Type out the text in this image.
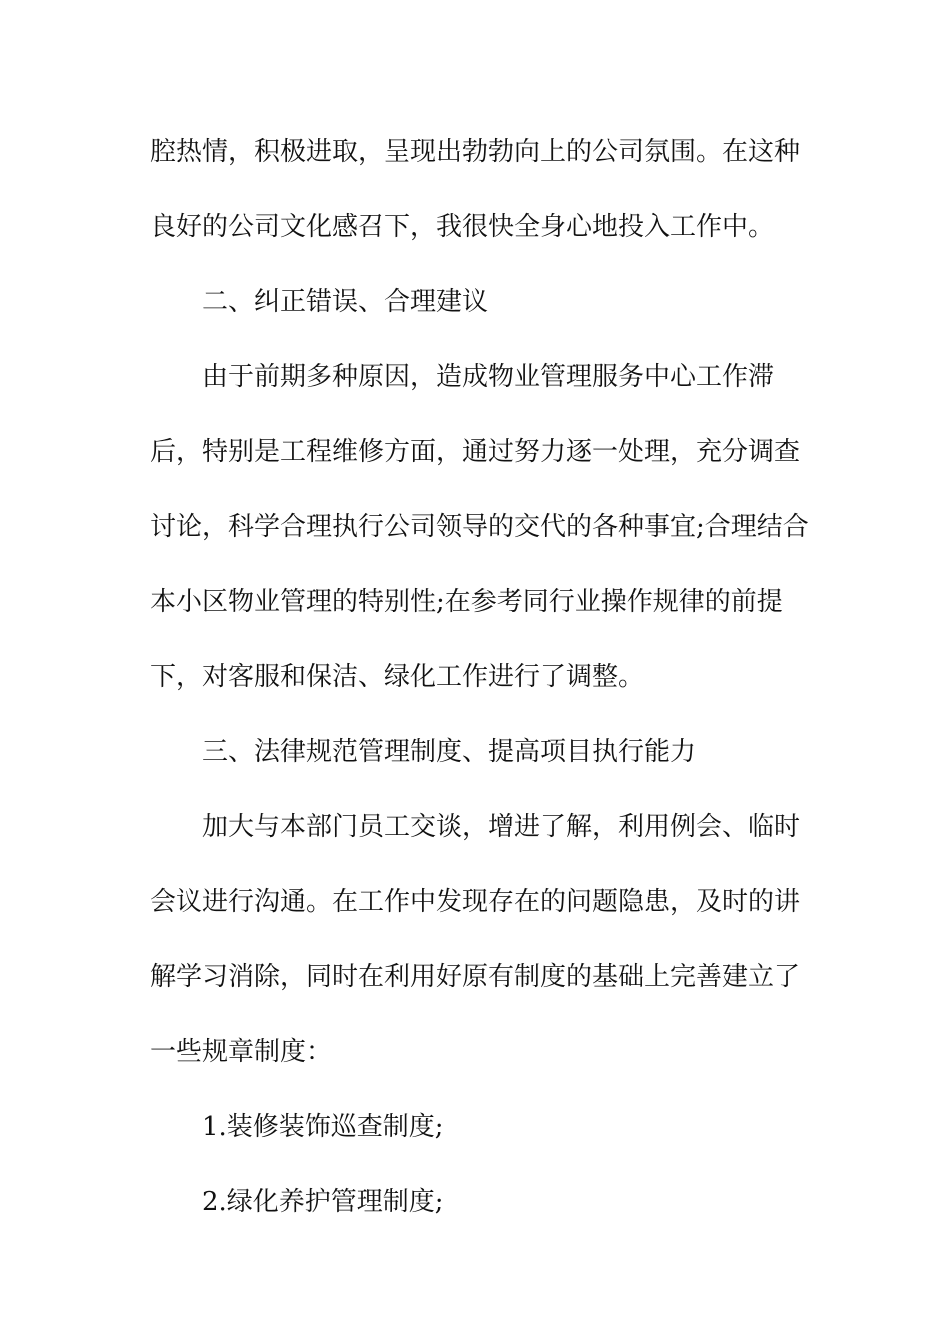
腔热情，积极进取，呈现出勃勃向上的公司氛围。在这种

良好的公司文化感召下，我很快全身心地投入工作中。

二、纠正错误、合理建议

由于前期多种原因，造成物业管理服务中心工作滞

后，特别是工程维修方面，通过努力逐一处理，充分调查

讨论，科学合理执行公司领导的交代的各种事宜;合理结合

本小区物业管理的特别性;在参考同行业操作规律的前提

下，对客服和保洁、绿化工作进行了调整。

三、法律规范管理制度、提高项目执行能力

加大与本部门员工交谈，增进了解，利用例会、临时

会议进行沟通。在工作中发现存在的问题隐患，及时的讲

解学习消除，同时在利用好原有制度的基础上完善建立了

一些规章制度：

1.装修装饰巡查制度;

2.绿化养护管理制度;
